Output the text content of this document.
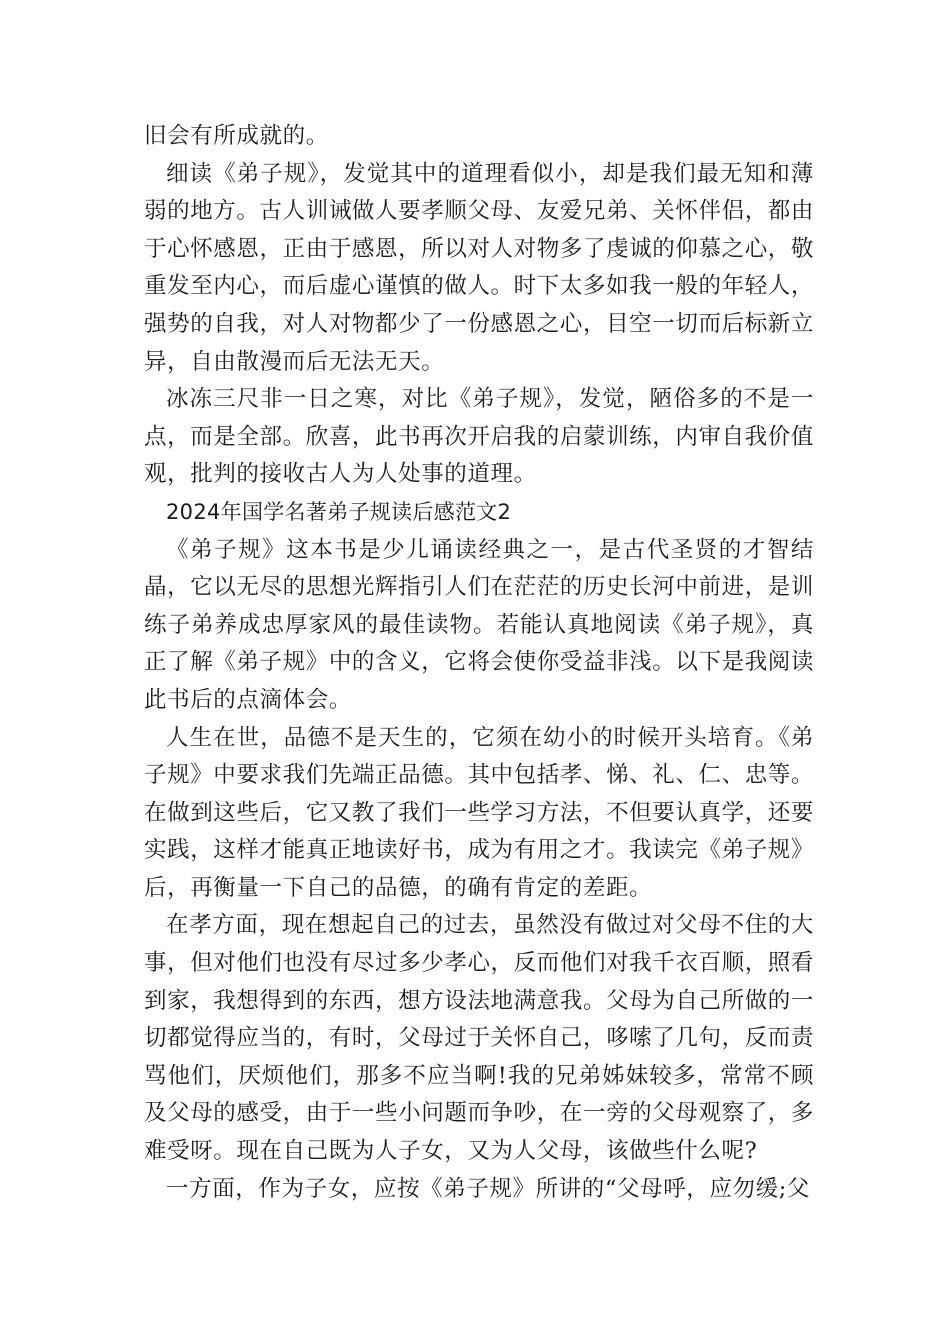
旧会有所成就的。

细读《弟子规》，发觉其中的道理看似小，却是我们最无知和薄弱的地方。古人训诫做人要孝顺父母、友爱兄弟、关怀伴侣，都由于心怀感恩，正由于感恩，所以对人对物多了虔诚的仰慕之心，敬重发至内心，而后虚心谨慎的做人。时下太多如我一般的年轻人，强势的自我，对人对物都少了一份感恩之心，目空一切而后标新立异，自由散漫而后无法无天。

冰冻三尺非一日之寒，对比《弟子规》，发觉，陋俗多的不是一点，而是全部。欣喜，此书再次开启我的启蒙训练，内审自我价值观，批判的接收古人为人处事的道理。

2024年国学名著弟子规读后感范文2

《弟子规》这本书是少儿诵读经典之一，是古代圣贤的才智结晶，它以无尽的思想光辉指引人们在茫茫的历史长河中前进，是训练子弟养成忠厚家风的最佳读物。若能认真地阅读《弟子规》，真正了解《弟子规》中的含义，它将会使你受益非浅。以下是我阅读此书后的点滴体会。

人生在世，品德不是天生的，它须在幼小的时候开头培育。《弟子规》中要求我们先端正品德。其中包括孝、悌、礼、仁、忠等。在做到这些后，它又教了我们一些学习方法，不但要认真学，还要实践，这样才能真正地读好书，成为有用之才。我读完《弟子规》后，再衡量一下自己的品德，的确有肯定的差距。

在孝方面，现在想起自己的过去，虽然没有做过对父母不住的大事，但对他们也没有尽过多少孝心，反而他们对我千衣百顺，照看到家，我想得到的东西，想方设法地满意我。父母为自己所做的一切都觉得应当的，有时，父母过于关怀自己，哆嗦了几句，反而责骂他们，厌烦他们，那多不应当啊!我的兄弟姊妹较多，常常不顾及父母的感受，由于一些小问题而争吵，在一旁的父母观察了，多难受呀。现在自己既为人子女，又为人父母，该做些什么呢?

一方面，作为子女，应按《弟子规》所讲的“父母呼，应勿缓;父
